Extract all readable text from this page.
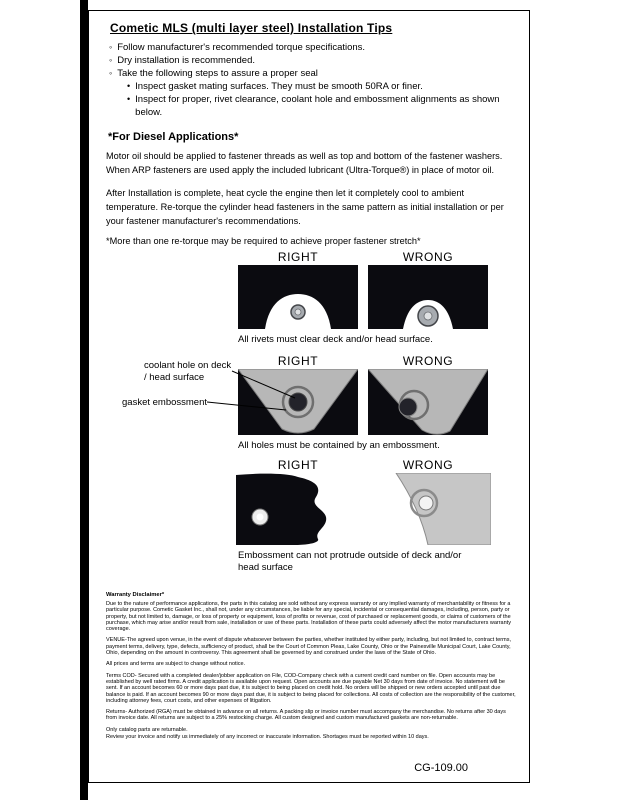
Cometic MLS (multi layer steel) Installation Tips
◦ Follow manufacturer's recommended torque specifications.
◦ Dry installation is recommended.
◦ Take the following steps to assure a proper seal
• Inspect gasket mating surfaces. They must be smooth 50RA or finer.
• Inspect for proper, rivet clearance, coolant hole and embossment alignments as shown below.
*For Diesel Applications*
Motor oil should be applied to fastener threads as well as top and bottom of the fastener washers. When ARP fasteners are used apply the included lubricant (Ultra-Torque®) in place of motor oil.
After Installation is complete, heat cycle the engine then let it completely cool to ambient temperature. Re-torque the cylinder head fasteners in the same pattern as initial installation or per your fastener manufacturer's recommendations.
*More than one re-torque may be required to achieve proper fastener stretch*
RIGHT	WRONG
All rivets must clear deck and/or head surface.
RIGHT	WRONG
coolant hole on deck / head surface
gasket embossment
All holes must be contained by an embossment.
RIGHT	WRONG
Embossment can not protrude outside of deck and/or head surface
Warranty Disclaimer*
Due to the nature of performance applications, the parts in this catalog are sold without any express warranty or any implied warranty of merchantability or fitness for a particular purpose. Cometic Gasket Inc., shall not, under any circumstances, be liable for any special, incidental or consequential damages, including, person, party or property, but not limited to, damage, or loss of property or equipment, loss of profits or revenue, cost of purchased or replacement goods, or claims of customers of the purchase, which may arise and/or result from sale, installation or use of these parts. Installation of these parts could adversely affect the motor manufacturers warranty coverage.
VENUE-The agreed upon venue, in the event of dispute whatsoever between the parties, whether instituted by either party, including, but not limited to, contract terms, payment terms, delivery, type, defects, sufficiency of product, shall be the Court of Common Pleas, Lake County, Ohio or the Painesville Municipal Court, Lake County, Ohio, depending on the amount in controversy. This agreement shall be governed by and construed under the laws of the State of Ohio.
All prices and terms are subject to change without notice.
Terms COD- Secured with a completed dealer/jobber application on File, COD-Company check with a current credit card number on file. Open accounts may be established by well rated firms. A credit application is available upon request. Open accounts are due payable Net 30 days from date of invoice. No statement will be sent. If an account becomes 60 or more days past due, it is subject to being placed on credit hold. No orders will be shipped or new orders accepted until past due balance is paid. If an account becomes 90 or more days past due, it is subject to being placed for collections. All costs of collection are the responsibility of the customer, including attorney fees, court costs, and other expenses of litigation.
Returns- Authorized (RGA) must be obtained in advance on all returns. A packing slip or invoice number must accompany the merchandise. No returns after 30 days from invoice date. All returns are subject to a 25% restocking charge. All custom designed and custom manufactured gaskets are non-returnable.
Only catalog parts are returnable.
Review your invoice and notify us immediately of any incorrect or inaccurate information. Shortages must be reported within 10 days.
CG-109.00
